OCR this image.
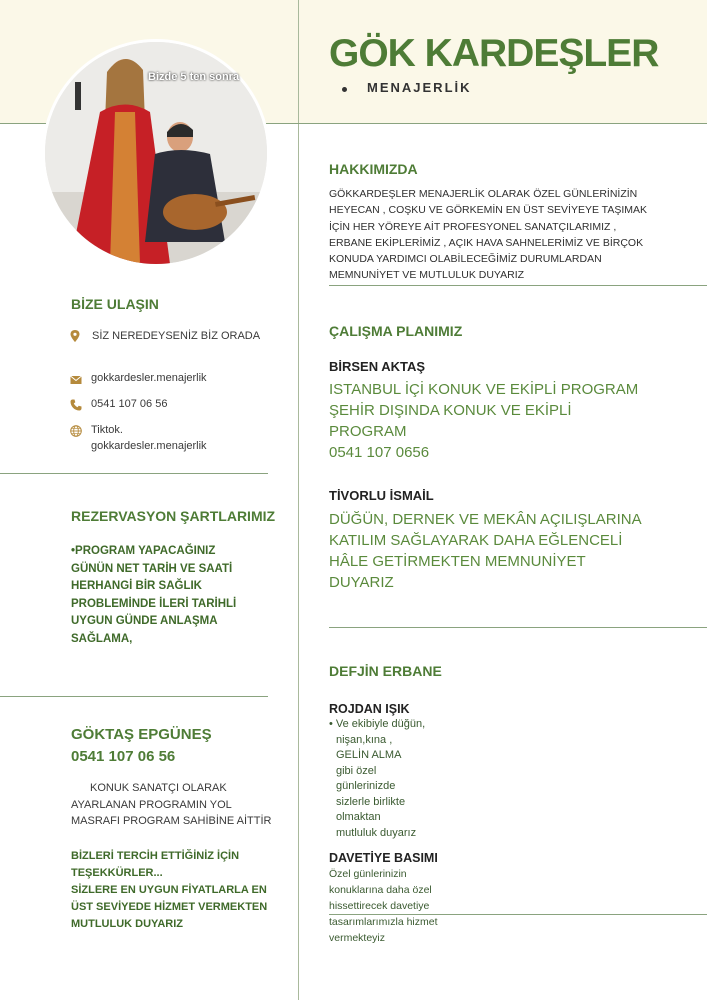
Bizde 5 ten sonra
GÖK KARDEŞLER
MENAJERLİK
BİZE ULAŞIN
SİZ NEREDEYSENİZ BİZ ORADA
gokkardesler.menajerlik
0541 107 06 56
Tiktok.
gokkardesler.menajerlik
REZERVASYON ŞARTLARIMIZ
•PROGRAM YAPACAĞINIZ
GÜNÜN NET TARİH VE SAATİ
HERHANGİ BİR SAĞLIK
PROBLEMİNDE İLERİ TARİHLİ
UYGUN GÜNDE ANLAŞMA
SAĞLAMA,
GÖKTAŞ EPGÜNEŞ
0541 107 06 56
KONUK SANATÇI OLARAK
AYARLANAN PROGRAMIN YOL
MASRAFI PROGRAM SAHİBİNE AİTTİR
BİZLERİ TERCİH ETTİĞİNİZ İÇİN
TEŞEKKÜRLER...
SİZLERE EN UYGUN FİYATLARLA EN
ÜST SEVİYEDE HİZMET VERMEKTEN
MUTLULUK DUYARIZ
HAKKIMIZDA
GÖKKARDEŞLER MENAJERLİK OLARAK ÖZEL GÜNLERİNİZİN
HEYECAN , COŞKU VE GÖRKEMİN EN ÜST SEVİYEYE TAŞIMAK
İÇİN HER YÖREYE AİT PROFESYONEL SANATÇILARIMIZ ,
ERBANE EKİPLERİMİZ , AÇIK HAVA SAHNELERİMİZ VE BİRÇOK
KONUDA YARDIMCI OLABİLECEĞİMİZ DURUMLARDAN
MEMNUNİYET VE MUTLULUK DUYARIZ
ÇALIŞMA PLANIMIZ
BİRSEN AKTAŞ
ISTANBUL İÇİ KONUK VE EKİPLİ PROGRAM
ŞEHİR DIŞINDA KONUK VE EKİPLİ
PROGRAM
0541 107 0656
TİVORLU İSMAİL
DÜĞÜN, DERNEK VE MEKÂN AÇILIŞLARINA
KATILIM SAĞLAYARAK DAHA EĞLENCELİ
HÂLE GETİRMEKTEN MEMNUNİYET
DUYARIZ
DEFJİN ERBANE
ROJDAN IŞIK
• Ve ekibiyle düğün,
nişan,kına ,
GELİN ALMA
gibi özel
günlerinizde
sizlerle birlikte
olmaktan
mutluluk duyarız
DAVETİYE BASIMI
Özel günlerinizin
konuklarına daha özel
hissettirecek davetiye
tasarımlarımızla hizmet
vermekteyiz
